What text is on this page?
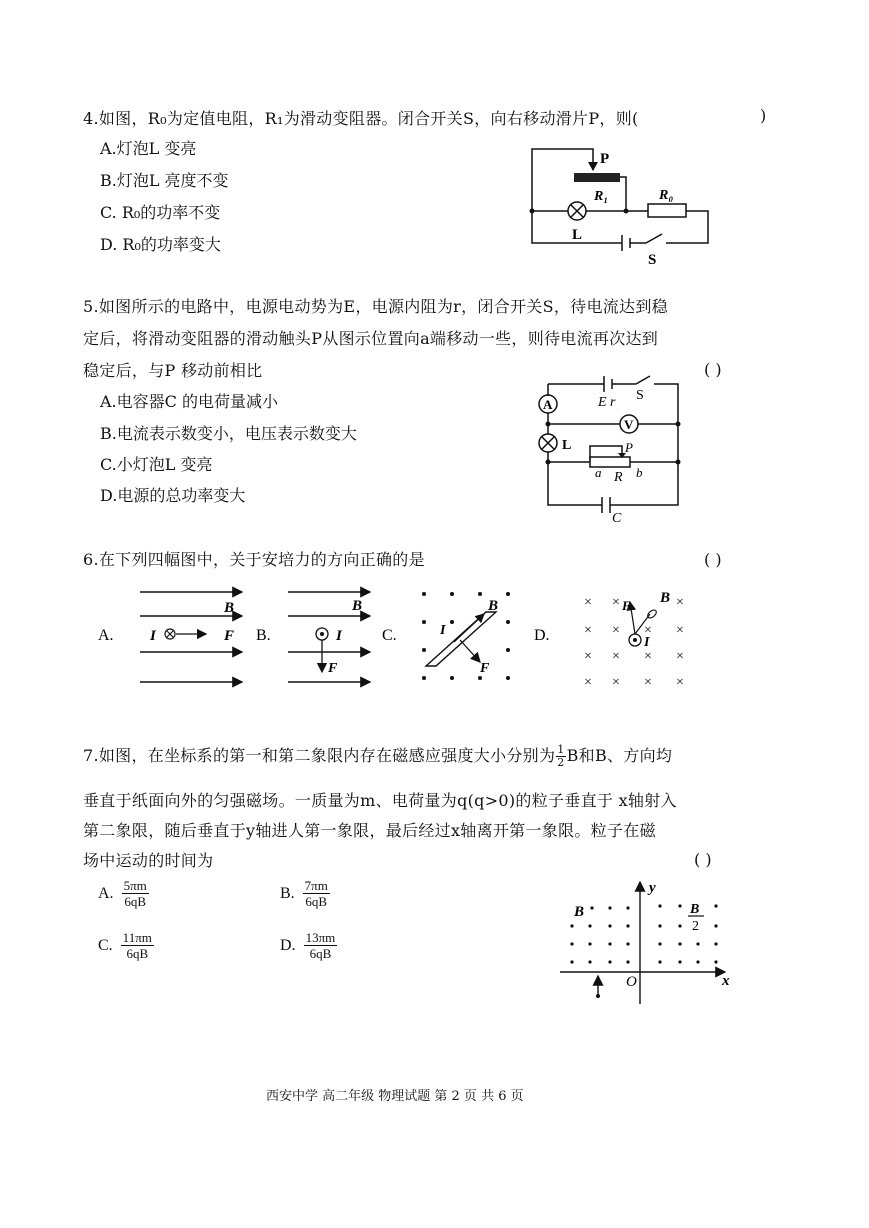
4.如图，R₀为定值电阻，R₁为滑动变阻器。闭合开关S，向右移动滑片P，则(	)
A.灯泡L 变亮
B.灯泡L 亮度不变
C. R₀的功率不变
D. R₀的功率变大
P
R₁	R₀
L
S
5.如图所示的电路中，电源电动势为E，电源内阻为r，闭合开关S，待电流达到稳
定后，将滑动变阻器的滑动触头P从图示位置向a端移动一些，则待电流再次达到
稳定后，与P 移动前相比	( )
A.电容器C 的电荷量减小
B.电流表示数变小，电压表示数变大
C.小灯泡L 变亮
D.电源的总功率变大
A
V
E r S
L	P
a R b
C
6.在下列四幅图中，关于安培力的方向正确的是	( )
A.
B
I	F B.
B
I
F
C.	I
B
F
D.
× ×	×
× × × ×
× × × ×
× × × ×
B
F
I
7.如图，在坐标系的第一和第二象限内存在磁感应强度大小分别为 $\frac{1}{2}$ B和B、方向均
垂直于纸面向外的匀强磁场。一质量为m、电荷量为q(q>0)的粒子垂直于 x轴射入
第二象限，随后垂直于y轴进人第一象限，最后经过x轴离开第一象限。粒子在磁
场中运动的时间为	( )
A. $\frac{5\pi m}{6qB}$	B. $\frac{7\pi m}{6qB}$
C. $\frac{11\pi m}{6qB}$	D. $\frac{13\pi m}{6qB}$
y
x
O
B	B
2
西安中学 高二年级 物理试题 第 2 页 共 6 页
